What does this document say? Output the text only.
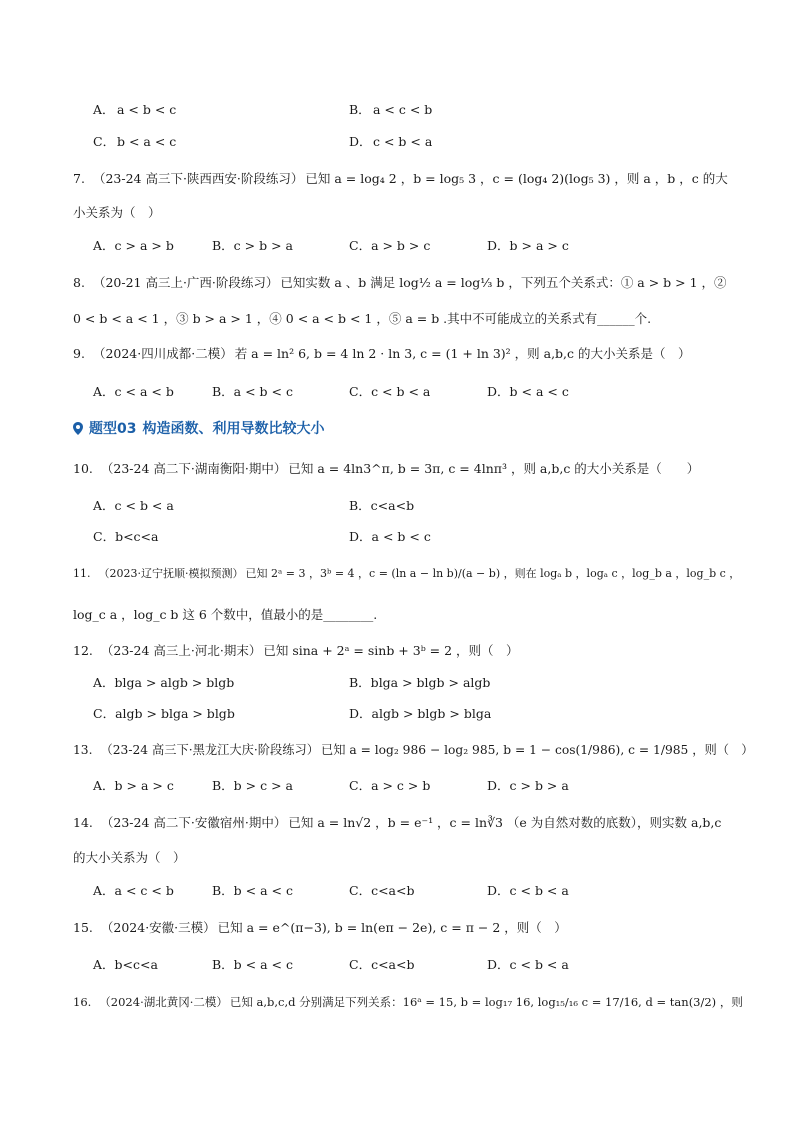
A． a < b < c	B． a < c < b
C． b < a < c	D． c < b < a
7. （23-24 高三下·陕西西安·阶段练习） 已知 a = log₄ 2 ，b = log₅ 3 ，c = (log₄ 2)(log₅ 3) ，则 a ，b ，c 的大
小关系为（　）
A．c > a > b	B．c > b > a	C．a > b > c	D．b > a > c
8. （20-21 高三上·广西·阶段练习） 已知实数 a 、b 满足 log½ a = log⅓ b ，下列五个关系式：① a > b > 1 ，②
0 < b < a < 1 ，③ b > a > 1 ，④ 0 < a < b < 1 ，⑤ a = b .其中不可能成立的关系式有______个.
9. （2024·四川成都·二模） 若 a = ln² 6, b = 4 ln 2 · ln 3, c = (1 + ln 3)² ，则 a,b,c 的大小关系是（　）
A．c < a < b	B．a < b < c	C．c < b < a	D．b < a < c
题型03 构造函数、利用导数比较大小
10. （23-24 高二下·湖南衡阳·期中） 已知 a = 4ln3^π, b = 3π, c = 4lnπ³ ，则 a,b,c 的大小关系是（　　）
A．c < b < a	B．c<a<b
C．b<c<a	D．a < b < c
11. （2023·辽宁抚顺·模拟预测） 已知 2ᵃ = 3 ，3ᵇ = 4 ，c = (ln a − ln b)/(a − b) ，则在 logₐ b ，logₐ c ，log_b a ，log_b c ，
log_c a ，log_c b 这 6 个数中，值最小的是________.
12. （23-24 高三上·河北·期末） 已知 sina + 2ᵃ = sinb + 3ᵇ = 2 ，则（　）
A．blga > algb > blgb	B．blga > blgb > algb
C．algb > blga > blgb	D．algb > blgb > blga
13. （23-24 高三下·黑龙江大庆·阶段练习） 已知 a = log₂ 986 − log₂ 985, b = 1 − cos(1/986), c = 1/985 ，则（　）
A．b > a > c	B．b > c > a	C．a > c > b	D．c > b > a
14. （23-24 高二下·安徽宿州·期中） 已知 a = ln√2 ，b = e⁻¹ ，c = ln∛3 （e 为自然对数的底数），则实数 a,b,c
的大小关系为（　）
A．a < c < b	B．b < a < c	C．c<a<b	D．c < b < a
15. （2024·安徽·三模） 已知 a = e^(π−3), b = ln(eπ − 2e), c = π − 2 ，则（　）
A．b<c<a	B．b < a < c	C．c<a<b	D．c < b < a
16. （2024·湖北黄冈·二模） 已知 a,b,c,d 分别满足下列关系：16ᵃ = 15, b = log₁₇ 16, log₁₅/₁₆ c = 17/16, d = tan(3/2) ，则
